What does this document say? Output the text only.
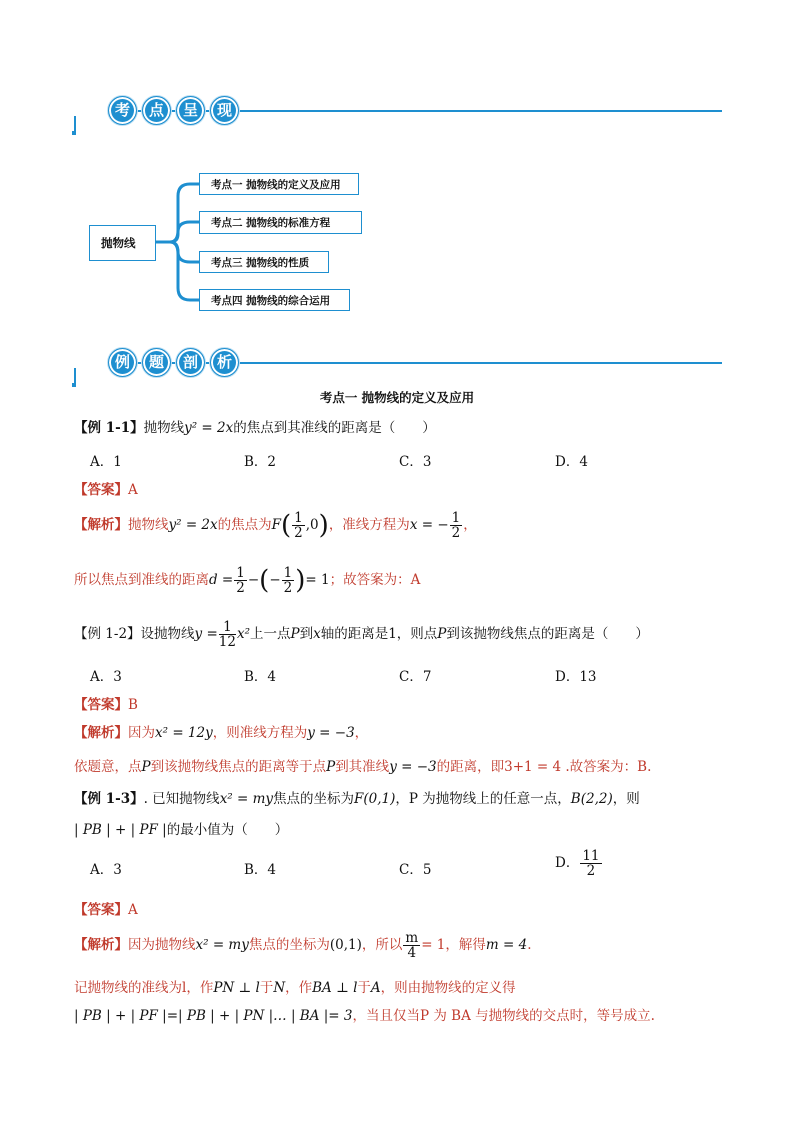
考	点	呈	现
抛物线
考点一 抛物线的定义及应用
考点二 抛物线的标准方程
考点三 抛物线的性质
考点四 抛物线的综合运用
例	题	剖	析
考点一 抛物线的定义及应用
【例 1-1】抛物线y² = 2x的焦点到其准线的距离是（　　）
A．1	B．2	C．3	D．4
【答案】A
【解析】抛物线y² = 2x的焦点为$F( \frac{1}{2} ,0)$，准线方程为x = − $\frac{1}{2}$ ，
所以焦点到准线的距离$d = \frac{1}{2}$ −(− $\frac{1}{2}$ )= 1；故答案为：A
【例 1-2】设抛物线$y = \frac{1}{12} x^2$上一点P到x轴的距离是1，则点P到该抛物线焦点的距离是（　　）
A．3	B．4	C．7	D．13
【答案】B
【解析】因为x² = 12y，则准线方程为y = −3，
依题意，点P到该抛物线焦点的距离等于点P到其准线y = −3的距离，即3+1 = 4 .故答案为：B.
【例 1-3】. 已知抛物线x² = my焦点的坐标为F(0,1)，P 为抛物线上的任意一点，B(2,2)，则
| PB | + | PF |的最小值为（　　）
A．3	B．4	C．5	D． $\frac{11}{2}$
【答案】A
【解析】因为抛物线x² = my焦点的坐标为(0,1)，所以 $\frac{m}{4} = 1$，解得m = 4.
记抛物线的准线为l，作PN ⊥ l于N，作BA ⊥ l于A，则由抛物线的定义得
| PB | + | PF |=| PB | + | PN |… | BA |= 3，当且仅当P 为 BA 与抛物线的交点时，等号成立.
